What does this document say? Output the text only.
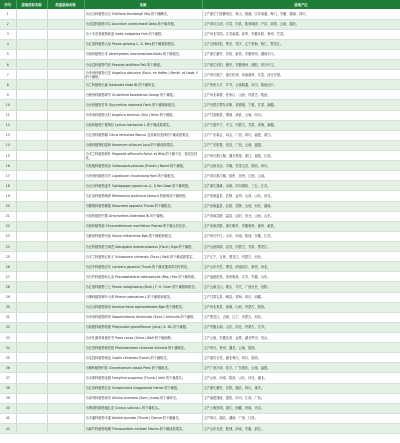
序号	道地药材名称	药基原始名称	来源	道地产区
1			为百合科植物百合 Fritillaria thunbergii Miq.的干燥鳞茎。	主产浙江宁波鄞州区、象山、慈溪，江苏南通、海门，安徽、湖南、四川。
2			为毛茛科植物川乌 Aconitum carmichaelii Debx.的干燥母根。	主产四川江油、平武、安县，陕西城固、户县、南郑，云南、湖北。
3			为十字花科植物菘蓝 Isatis indigotica Fort.的干燥根。	主产河北安国，江苏南通、如皋，安徽阜阳、亳州，甘肃。
4			为五加科植物人参 Panax ginseng C. A. Mey.的干燥根和根茎。	主产吉林抚松、集安、靖宇，辽宁宽甸、桓仁，黑龙江。
5			为菊科植物白术 Atractylodes macrocephala Koidz.的干燥根茎。	主产浙江磐安、东阳、新昌，安徽亳州，湖南平江。
6			为毛茛科植物芍药 Paeonia lactiflora Pall.的干燥根。	主产浙江东阳、磐安，安徽亳州、涡阳，四川中江。
7			为伞形科植物白芷 Angelica dahurica (Fisch. ex Hoffm.) Benth. et Hook. f.的干燥根。	主产四川遂宁，浙江杭州，河南禹州、长葛，河北安国。
8			为兰科植物天麻 Gastrodia elata Bl.的干燥块茎。	主产贵州大方、毕节，云南昭通，四川，陕西汉中。
9			为唇形科植物黄芩 Scutellaria baicalensis Georgi 的干燥根。	主产河北承德、张家口，山西，内蒙古，陕西。
10			为豆科植物甘草 Glycyrrhiza uralensis Fisch.的干燥根和根茎。	主产内蒙古鄂尔多斯、杭锦旗，宁夏，甘肃，新疆。
11			为伞形科植物当归 Angelica sinensis (Oliv.) Diels 的干燥根。	主产甘肃岷县、渭源、漳县，云南，四川。
12			为茄科植物宁夏枸杞 Lycium barbarum L.的干燥成熟果实。	主产宁夏中宁、中卫，内蒙古，甘肃，青海，新疆。
13			为芸香科植物橘 Citrus reticulata Blanco 及其栽培变种的干燥成熟果皮。	主产广东新会、四会，广西，四川，福建，浙江。
14			为姜科植物阳春砂 Amomum villosum Lour.的干燥成熟果实。	主产广东阳春、信宜，广西，云南，福建。
15			为木兰科植物厚朴 Magnolia officinalis Rehd. et Wils.的干燥干皮、根皮及枝皮。	主产四川都江堰，湖北恩施，浙江，福建，江西。
16			为桔梗科植物党参 Codonopsis pilosula (Franch.) Nannf.的干燥根。	主产山西长治、平顺，甘肃文县，陕西，四川。
17			为伞形科植物川芎 Ligusticum chuanxiong Hort.的干燥根茎。	主产四川都江堰、彭州、崇州，江西，云南。
18			为百合科植物麦冬 Ophiopogon japonicus (L. f) Ker-Gawl.的干燥块根。	主产浙江慈溪、余姚，四川绵阳、三台，江苏。
19			为玄参科植物地黄 Rehmannia glutinosa Libosch.的新鲜或干燥块根。	主产河南温县、武陟、孟州，山西，山东，河北。
20			为薯蓣科植物薯蓣 Dioscorea opposita Thunb.的干燥根茎。	主产河南温县、沁阳、武陟，山西，河北，湖南。
21			为苋科植物牛膝 Achyranthes bidentata Bl.的干燥根。	主产河南武陟、温县、沁阳，河北，山西，山东。
22			为菊科植物菊 Chrysanthemum morifolium Ramat.的干燥头状花序。	主产河南武陟，浙江桐乡，安徽亳州、滁州、歙县。
23			为唇形科植物丹参 Salvia miltiorrhiza Bge.的干燥根和根茎。	主产四川中江，山东，河南，陕西，安徽，江苏。
24			为豆科植物蒙古黄芪 Astragalus membranaceus (Fisch.) Bge.的干燥根。	主产山西浑源、应县，内蒙古，甘肃，黑龙江。
25			为木兰科植物五味子 Schisandra chinensis (Turcz.) Baill.的干燥成熟果实。	主产辽宁，吉林，黑龙江，内蒙古，河北。
26			为忍冬科植物忍冬 Lonicera japonica Thunb.的干燥花蕾或带初开的花。	主产山东平邑、费县，河南封丘、新密，河北。
27			为石竹科植物孩儿参 Pseudostellaria heterophylla (Miq.) Pax 的干燥块根。	主产福建柘荣，贵州施秉，江苏，安徽，山东。
28			为五加科植物三七 Panax notoginseng (Burk.) F. H. Chen 的干燥根和根茎。	主产云南文山、砚山、马关，广西百色、田阳。
29			为蓼科植物掌叶大黄 Rheum palmatum L.的干燥根和根茎。	主产甘肃礼县、岷县，青海，四川，西藏。
30			为百合科植物知母 Anemarrhena asphodeloides Bge.的干燥根茎。	主产河北易县、涞源，山西，内蒙古，陕西。
31			为伞形科植物防风 Saposhnikovia divaricata (Turcz.) Schischk.的干燥根。	主产黑龙江，吉林，辽宁，内蒙古，河北。
32			为桔梗科植物桔梗 Platycodon grandiflorum (Jacq.) A. DC.的干燥根。	主产安徽太和，山东，河北，内蒙古，江苏。
33			为多孔菌科真菌茯苓 Poria cocos (Schw.) Wolf 的干燥菌核。	主产云南，安徽岳西、金寨，湖北罗田、英山。
34			为芸香科植物黄皮树 Phellodendron chinense Schneid.的干燥树皮。	主产四川，贵州，湖北，云南，陕西。
35			为毛茛科植物黄连 Coptis chinensis Franch.的干燥根茎。	主产重庆石柱，湖北利川，四川，陕西。
36			为樟科植物肉桂 Cinnamomum cassia Presl 的干燥树皮。	主产广西平南、桂平，广东德庆，云南，福建。
37			为木犀科植物连翘 Forsythia suspensa (Thunb.) Vahl 的干燥果实。	主产山西，河南，陕西，山东，河北，湖北。
38			为玄参科植物玄参 Scrophularia ningpoensis Hemsl.的干燥根。	主产浙江磐安、东阳，湖北，四川，重庆。
39			为泽泻科植物泽泻 Alisma orientale (Sam.) Juzep.的干燥块茎。	主产福建建瓯、建阳，四川，江西，广西。
40			为鸢尾科植物番红花 Crocus sativus L.的干燥柱头。	主产上海崇明，浙江，西藏，河南，北京。
41			为木通科植物木通 Akebia quinata (Thunb.) Decne.的干燥藤茎。	主产四川，湖北，湖南，广西，江西。
42			为葫芦科植物栝楼 Trichosanthes kirilowii Maxim.的干燥成熟果实。	主产山东长清、肥城，河南，安徽，浙江。
